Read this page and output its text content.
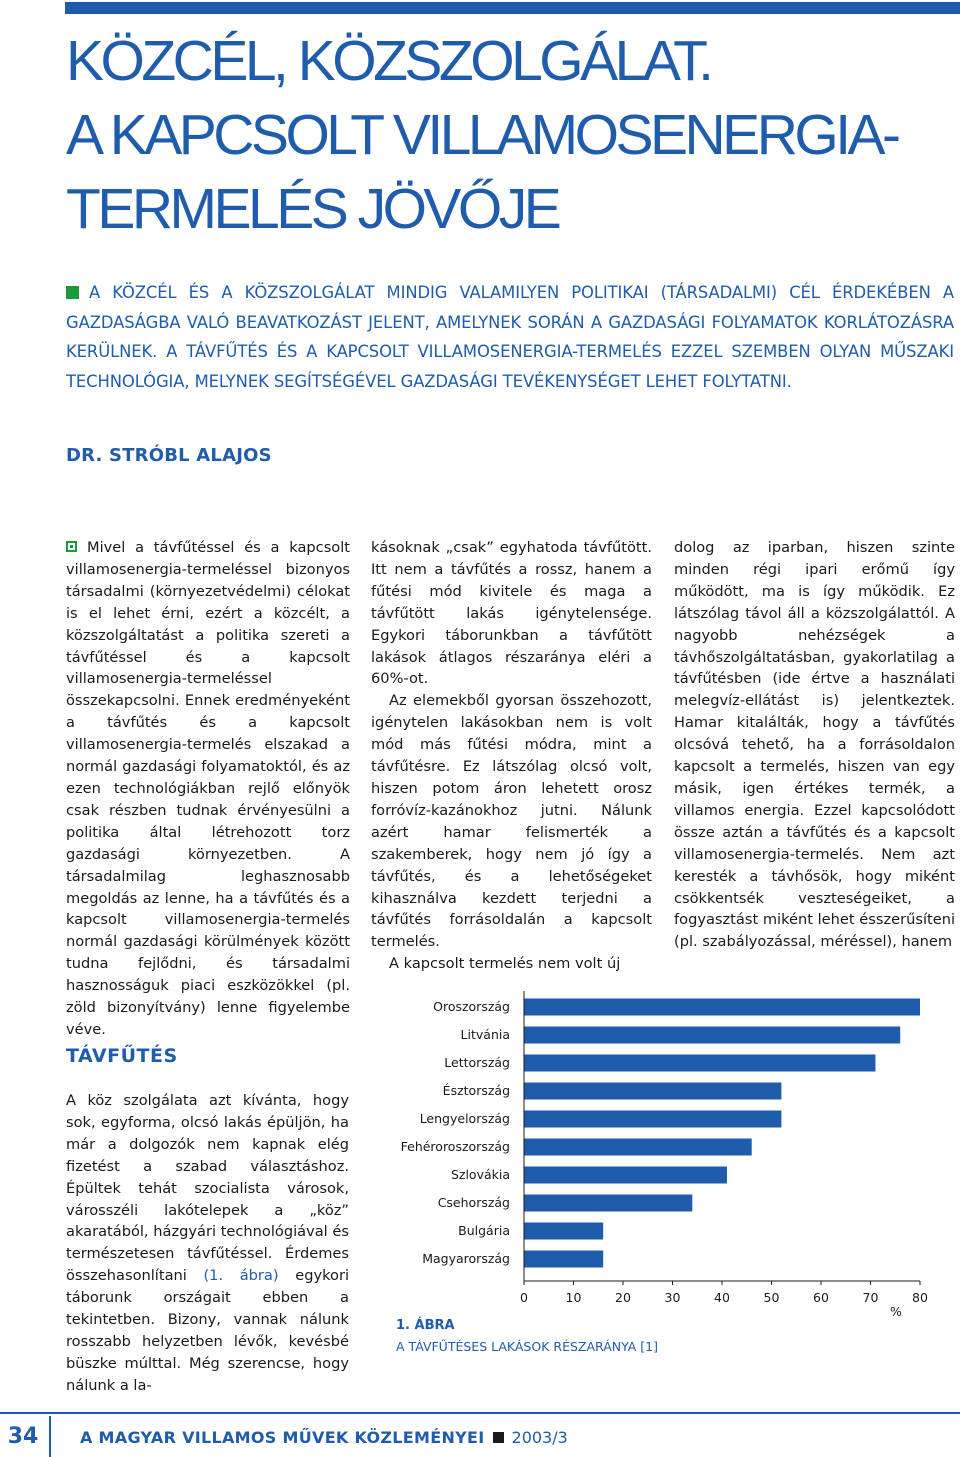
KÖZCÉL, KÖZSZOLGÁLAT.
A KAPCSOLT VILLAMOSENERGIA-
TERMELÉS JÖVŐJE

A KÖZCÉL ÉS A KÖZSZOLGÁLAT MINDIG VALAMILYEN POLITIKAI (TÁRSADALMI) CÉL ÉRDEKÉBEN A GAZDASÁGBA VALÓ BEAVATKOZÁST JELENT, AMELYNEK SORÁN A GAZDASÁGI FOLYAMATOK KORLÁTOZÁSRA KERÜLNEK. A TÁVFŰTÉS ÉS A KAPCSOLT VILLAMOSENERGIA-TERMELÉS EZZEL SZEMBEN OLYAN MŰSZAKI TECHNOLÓGIA, MELYNEK SEGÍTSÉGÉVEL GAZDASÁGI TEVÉKENYSÉGET LEHET FOLYTATNI.

DR. STRÓBL ALAJOS

Mivel a távfűtéssel és a kapcsolt villamosenergia-termeléssel bizonyos társadalmi (környezetvédelmi) célokat is el lehet érni, ezért a közcélt, a közszolgáltatást a politika szereti a távfűtéssel és a kapcsolt villamosenergia-termeléssel összekapcsolni. Ennek eredményeként a távfűtés és a kapcsolt villamosenergia-termelés elszakad a normál gazdasági folyamatoktól, és az ezen technológiákban rejlő előnyök csak részben tudnak érvényesülni a politika által létrehozott torz gazdasági környezetben. A társadalmilag leghasznosabb megoldás az lenne, ha a távfűtés és a kapcsolt villamosenergia-termelés normál gazdasági körülmények között tudna fejlődni, és társadalmi hasznosságuk piaci eszközökkel (pl. zöld bizonyítvány) lenne figyelembe véve.

TÁVFŰTÉS

A köz szolgálata azt kívánta, hogy sok, egyforma, olcsó lakás épüljön, ha már a dolgozók nem kapnak elég fizetést a szabad választáshoz. Épültek tehát szocialista városok, városszéli lakótelepek a „köz” akaratából, házgyári technológiával és természetesen távfűtéssel. Érdemes összehasonlítani (1. ábra) egykori táborunk országait ebben a tekintetben. Bizony, vannak nálunk rosszabb helyzetben lévők, kevésbé büszke múlttal. Még szerencse, hogy nálunk a la-

kásoknak „csak” egyhatoda távfűtött. Itt nem a távfűtés a rossz, hanem a fűtési mód kivitele és maga a távfűtött lakás igénytelensége. Egykori táborunkban a távfűtött lakások átlagos részaránya eléri a 60%-ot.

Az elemekből gyorsan összehozott, igénytelen lakásokban nem is volt mód más fűtési módra, mint a távfűtésre. Ez látszólag olcsó volt, hiszen potom áron lehetett orosz forróvíz-kazánokhoz jutni. Nálunk azért hamar felismerték a szakemberek, hogy nem jó így a távfűtés, és a lehetőségeket kihasználva kezdett terjedni a távfűtés forrásoldalán a kapcsolt termelés.

A kapcsolt termelés nem volt új

dolog az iparban, hiszen szinte minden régi ipari erőmű így működött, ma is így működik. Ez látszólag távol áll a közszolgálattól. A nagyobb nehézségek a távhőszolgáltatásban, gyakorlatilag a távfűtésben (ide értve a használati melegvíz-ellátást is) jelentkeztek. Hamar kitalálták, hogy a távfűtés olcsóvá tehető, ha a forrásoldalon kapcsolt a termelés, hiszen van egy másik, igen értékes termék, a villamos energia. Ezzel kapcsolódott össze aztán a távfűtés és a kapcsolt villamosenergia-termelés. Nem azt keresték a távhősök, hogy miként csökkentsék veszteségeiket, a fogyasztást miként lehet ésszerűsíteni (pl. szabályozással, méréssel), hanem

Oroszország
Litvánia
Lettország
Észtország
Lengyelország
Fehéroroszország
Szlovákia
Csehország
Bulgária
Magyarország
0	10	20	30	40	50	60	70	80
%

1. ÁBRA

A TÁVFŰTÉSES LAKÁSOK RÉSZARÁNYA [1]

34	A MAGYAR VILLAMOS MŰVEK KÖZLEMÉNYEI 2003/3
